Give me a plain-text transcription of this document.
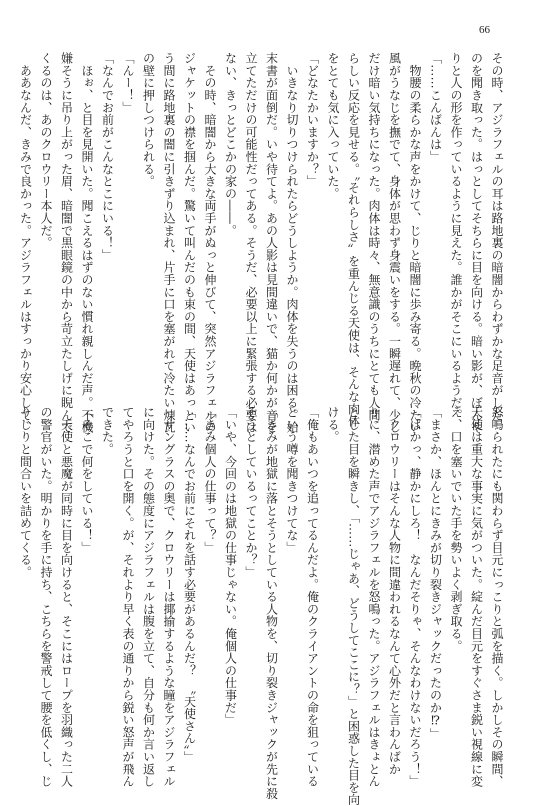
66
その時、アジラフェルの耳は路地裏の暗闇からわずかな足音がした
のを聞き取った。はっとしてそちらに目を向ける。暗い影が、ぼんや
りと人の形を作っているように見えた。誰かがそこにいるようだ。
「……こんばんは」
　物腰の柔らかな声をかけて、じりと暗闇に歩み寄る。晩秋の冷たい
風がうなじを撫でて、身体が思わず身震いをする。一瞬遅れて、少し
だけ暗い気持ちになった。肉体は時々、無意識のうちにとても人間
らしい反応を見せる。〝それらしさ〟を重んじる天使は、そんな肉体
をとても気に入っていた。
「どなたかいますか？」
　いきなり切りつけられたらどうしようか。肉体を失うのは困る。始
末書が面倒だ。いや待てよ。あの人影は見間違いで、猫か何かが音を
立てただけの可能性だってある。そうだ、必要以上に緊張する必要は
ない、きっとどこかの家の――。
　その時、暗闇から大きな両手がぬっと伸びて、突然アジラフェルの
ジャケットの襟を掴んだ。驚いて叫んだのも束の間、天使はあっとい
う間に路地裏の闇に引きずり込まれ、片手に口を塞がれて冷たい煉瓦
の壁に押しつけられる。
「んー！」
「なんでお前がこんなとこにいる！」
　ほぉ、と目を見開いた。聞こえるはずのない慣れ親しんだ声。不機
嫌そうに吊り上がった眉、暗闇で黒眼鏡の中から苛立たしげに睨んで
くるのは、あのクロウリー本人だ。
　ああなんだ、きみで良かった。アジラフェルはすっかり安心して、
怒鳴られたにも関わらず目元にっこりと弧を描く。しかしその瞬間、
天使は重大な事実に気がついた。綻んだ目元をすぐさま鋭い視線に変
え、口を塞いでいた手を勢いよく剥ぎ取る。
「まさか、ほんとにきみが切り裂きジャックだったのか⁉」
「ばかっ、静かにしろ！　なんだそりゃ、そんなわけないだろう！」
　クロウリーはそんな人物に間違われるなんて心外だと言わんばか
りに、潜めた声でアジラフェルを怒鳴った。アジラフェルはきょとん
とした目を瞬きし、「……じゃあ、どうしてここに？」と困惑した目を向
ける。
「俺もあいつを追ってるんだよ。俺のクライアントの命を狙っている
という噂を聞きつけてな」
「きみが地獄に落とそうとしている人物を、切り裂きジャックが先に殺
そうとしているってことか？」
「いや、今回のは地獄の仕事じゃない。俺個人の仕事だ」
「きみ個人の仕事って？」
「……なんでお前にそれを話す必要があるんだ？　〝天使さん〟」
　サングラスの奥で、クロウリーは揶揄するような瞳をアジラフェル
に向けた。その態度にアジラフェルは腹を立て、自分も何か言い返し
てやろうと口を開く。が、それより早く表の通りから鋭い怒声が飛ん
できた。
「そこで何をしている！」
　天使と悪魔が同時に目を向けると、そこにはロープを羽織った二人
の警官がいた。明かりを手に持ち、こちらを警戒して腰を低くし、じ
りじりと間合いを詰めてくる。
